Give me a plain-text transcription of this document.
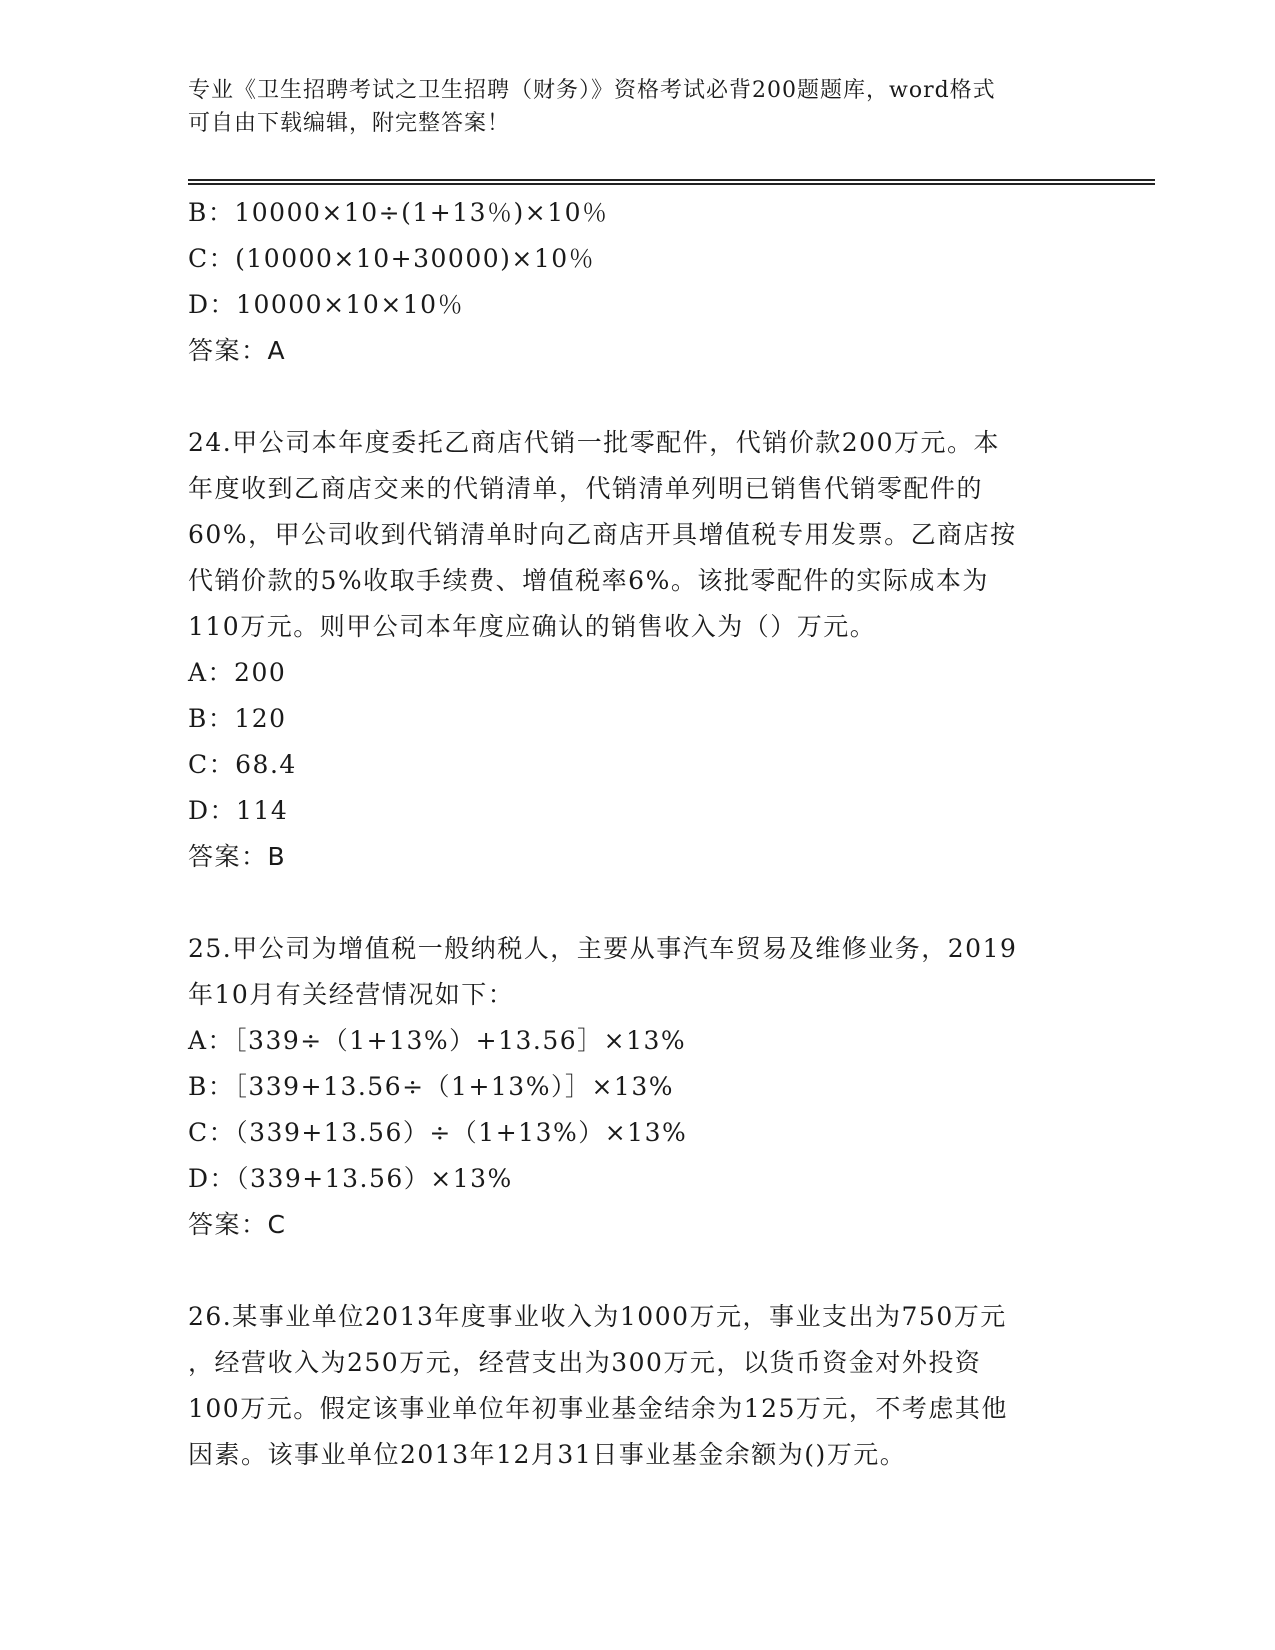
专业《卫生招聘考试之卫生招聘（财务）》资格考试必背200题题库，word格式
可自由下载编辑，附完整答案！
B：10000×10÷(1+13％)×10％
C：(10000×10+30000)×10％
D：10000×10×10％
答案：A
24.甲公司本年度委托乙商店代销一批零配件，代销价款200万元。本
年度收到乙商店交来的代销清单，代销清单列明已销售代销零配件的
60%，甲公司收到代销清单时向乙商店开具增值税专用发票。乙商店按
代销价款的5%收取手续费、增值税率6%。该批零配件的实际成本为
110万元。则甲公司本年度应确认的销售收入为（）万元。
A：200
B：120
C：68.4
D：114
答案：B
25.甲公司为增值税一般纳税人，主要从事汽车贸易及维修业务，2019
年10月有关经营情况如下：
A：［339÷（1+13%）+13.56］×13%
B：［339+13.56÷（1+13%）］×13%
C：（339+13.56）÷（1+13%）×13%
D：（339+13.56）×13%
答案：C
26.某事业单位2013年度事业收入为1000万元，事业支出为750万元
，经营收入为250万元，经营支出为300万元，以货币资金对外投资
100万元。假定该事业单位年初事业基金结余为125万元，不考虑其他
因素。该事业单位2013年12月31日事业基金余额为()万元。
